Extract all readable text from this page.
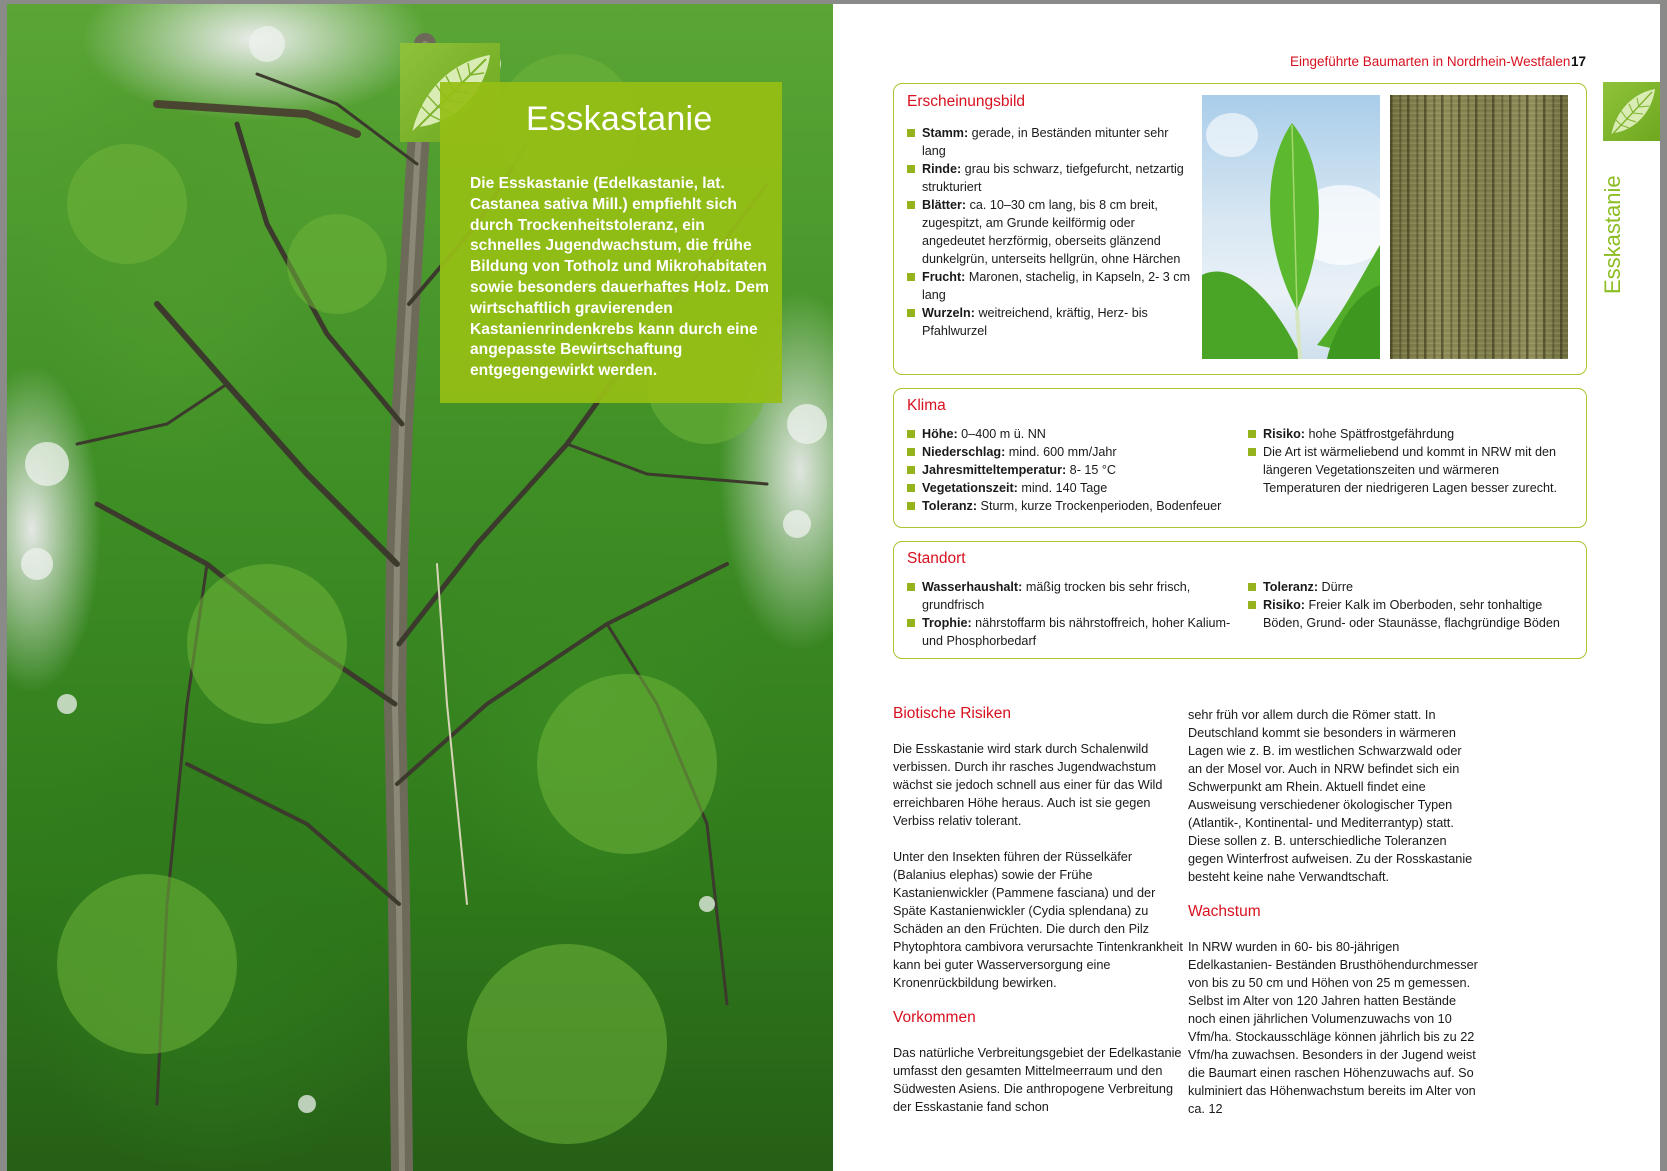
Esskastanie
Die Esskastanie (Edelkastanie, lat. Castanea sativa Mill.) empfiehlt sich durch Trockenheitstoleranz, ein schnelles Jugendwachstum, die frühe Bildung von Totholz und Mikrohabitaten sowie besonders dauerhaftes Holz. Dem wirtschaftlich gravierenden Kastanienrindenkrebs kann durch eine angepasste Bewirtschaftung entgegengewirkt werden.
Eingeführte Baumarten in Nordrhein-Westfalen 17
Esskastanie
Erscheinungsbild
Stamm: gerade, in Beständen mitunter sehr lang
Rinde: grau bis schwarz, tiefgefurcht, netzartig strukturiert
Blätter: ca. 10–30 cm lang, bis 8 cm breit, zugespitzt, am Grunde keilförmig oder angedeutet herzförmig, oberseits glänzend dunkelgrün, unterseits hellgrün, ohne Härchen
Frucht: Maronen, stachelig, in Kapseln, 2- 3 cm lang
Wurzeln: weitreichend, kräftig, Herz- bis Pfahlwurzel
Klima
Höhe: 0–400 m ü. NN
Niederschlag: mind. 600 mm/Jahr
Jahresmitteltemperatur: 8- 15 °C
Vegetationszeit: mind. 140 Tage
Toleranz: Sturm, kurze Trockenperioden, Bodenfeuer
Risiko: hohe Spätfrostgefährdung
Die Art ist wärmeliebend und kommt in NRW mit den längeren Vegetationszeiten und wärmeren Temperaturen der niedrigeren Lagen besser zurecht.
Standort
Wasserhaushalt: mäßig trocken bis sehr frisch, grundfrisch
Trophie: nährstoffarm bis nährstoffreich, hoher Kalium- und Phosphorbedarf
Toleranz: Dürre
Risiko: Freier Kalk im Oberboden, sehr tonhaltige Böden, Grund- oder Staunässe, flachgründige Böden
Biotische Risiken

Die Esskastanie wird stark durch Schalenwild verbissen. Durch ihr rasches Jugendwachstum wächst sie jedoch schnell aus einer für das Wild erreichbaren Höhe heraus. Auch ist sie gegen Verbiss relativ tolerant.

Unter den Insekten führen der Rüsselkäfer (Balanius elephas) sowie der Frühe Kastanienwickler (Pammene fasciana) und der Späte Kastanienwickler (Cydia splendana) zu Schäden an den Früchten. Die durch den Pilz Phytophtora cambivora verursachte Tintenkrankheit kann bei guter Wasserversorgung eine Kronenrückbildung bewirken.

Vorkommen

Das natürliche Verbreitungsgebiet der Edelkastanie umfasst den gesamten Mittelmeerraum und den Südwesten Asiens. Die anthropogene Verbreitung der Esskastanie fand schon

sehr früh vor allem durch die Römer statt. In Deutschland kommt sie besonders in wärmeren Lagen wie z. B. im westlichen Schwarzwald oder an der Mosel vor. Auch in NRW befindet sich ein Schwerpunkt am Rhein. Aktuell findet eine Ausweisung verschiedener ökologischer Typen (Atlantik-, Kontinental- und Mediterrantyp) statt. Diese sollen z. B. unterschiedliche Toleranzen gegen Winterfrost aufweisen. Zu der Rosskastanie besteht keine nahe Verwandtschaft.

Wachstum

In NRW wurden in 60- bis 80-jährigen Edelkastanien- Beständen Brusthöhendurchmesser von bis zu 50 cm und Höhen von 25 m gemessen. Selbst im Alter von 120 Jahren hatten Bestände noch einen jährlichen Volumenzuwachs von 10 Vfm/ha. Stockausschläge können jährlich bis zu 22 Vfm/ha zuwachsen. Besonders in der Jugend weist die Baumart einen raschen Höhenzuwachs auf. So kulminiert das Höhenwachstum bereits im Alter von ca. 12
